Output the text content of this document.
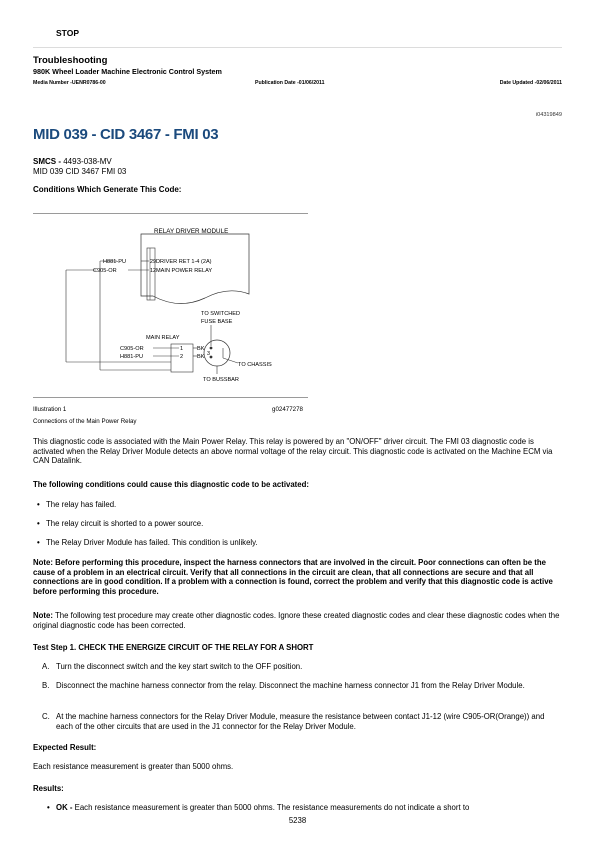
STOP
Troubleshooting
980K Wheel Loader Machine Electronic Control System
Media Number -UENR0786-00	Publication Date -01/06/2011	Date Updated -02/06/2011
i04319849
MID 039 - CID 3467 - FMI 03
SMCS - 4493-038-MV
MID 039 CID 3467 FMI 03
Conditions Which Generate This Code:
RELAY DRIVER MODULE
H881-PU
C905-OR
29
12
DRIVER RET 1-4 (2A)
MAIN POWER RELAY
TO SWITCHED
FUSE BASE
MAIN RELAY
C905-OR
H881-PU
1
2
BK
BK 3
TO CHASSIS
TO BUSSBAR
Illustration 1	g02477278
Connections of the Main Power Relay
This diagnostic code is associated with the Main Power Relay. This relay is powered by an "ON/OFF" driver circuit. The FMI 03 diagnostic code is activated when the Relay Driver Module detects an above normal voltage of the relay circuit. This diagnostic code is activated on the Machine ECM via CAN Datalink.
The following conditions could cause this diagnostic code to be activated:
• The relay has failed.
• The relay circuit is shorted to a power source.
• The Relay Driver Module has failed. This condition is unlikely.
Note: Before performing this procedure, inspect the harness connectors that are involved in the circuit. Poor connections can often be the cause of a problem in an electrical circuit. Verify that all connections in the circuit are clean, that all connections are secure and that all connections are in good condition. If a problem with a connection is found, correct the problem and verify that this diagnostic code is active before performing this procedure.
Note: The following test procedure may create other diagnostic codes. Ignore these created diagnostic codes and clear these diagnostic codes when the original diagnostic code has been corrected.
Test Step 1. CHECK THE ENERGIZE CIRCUIT OF THE RELAY FOR A SHORT
A. Turn the disconnect switch and the key start switch to the OFF position.
B. Disconnect the machine harness connector from the relay. Disconnect the machine harness connector J1 from the Relay Driver Module.
C. At the machine harness connectors for the Relay Driver Module, measure the resistance between contact J1-12 (wire C905-OR(Orange)) and each of the other circuits that are used in the J1 connector for the Relay Driver Module.
Expected Result:
Each resistance measurement is greater than 5000 ohms.
Results:
• OK - Each resistance measurement is greater than 5000 ohms. The resistance measurements do not indicate a short to
5238
